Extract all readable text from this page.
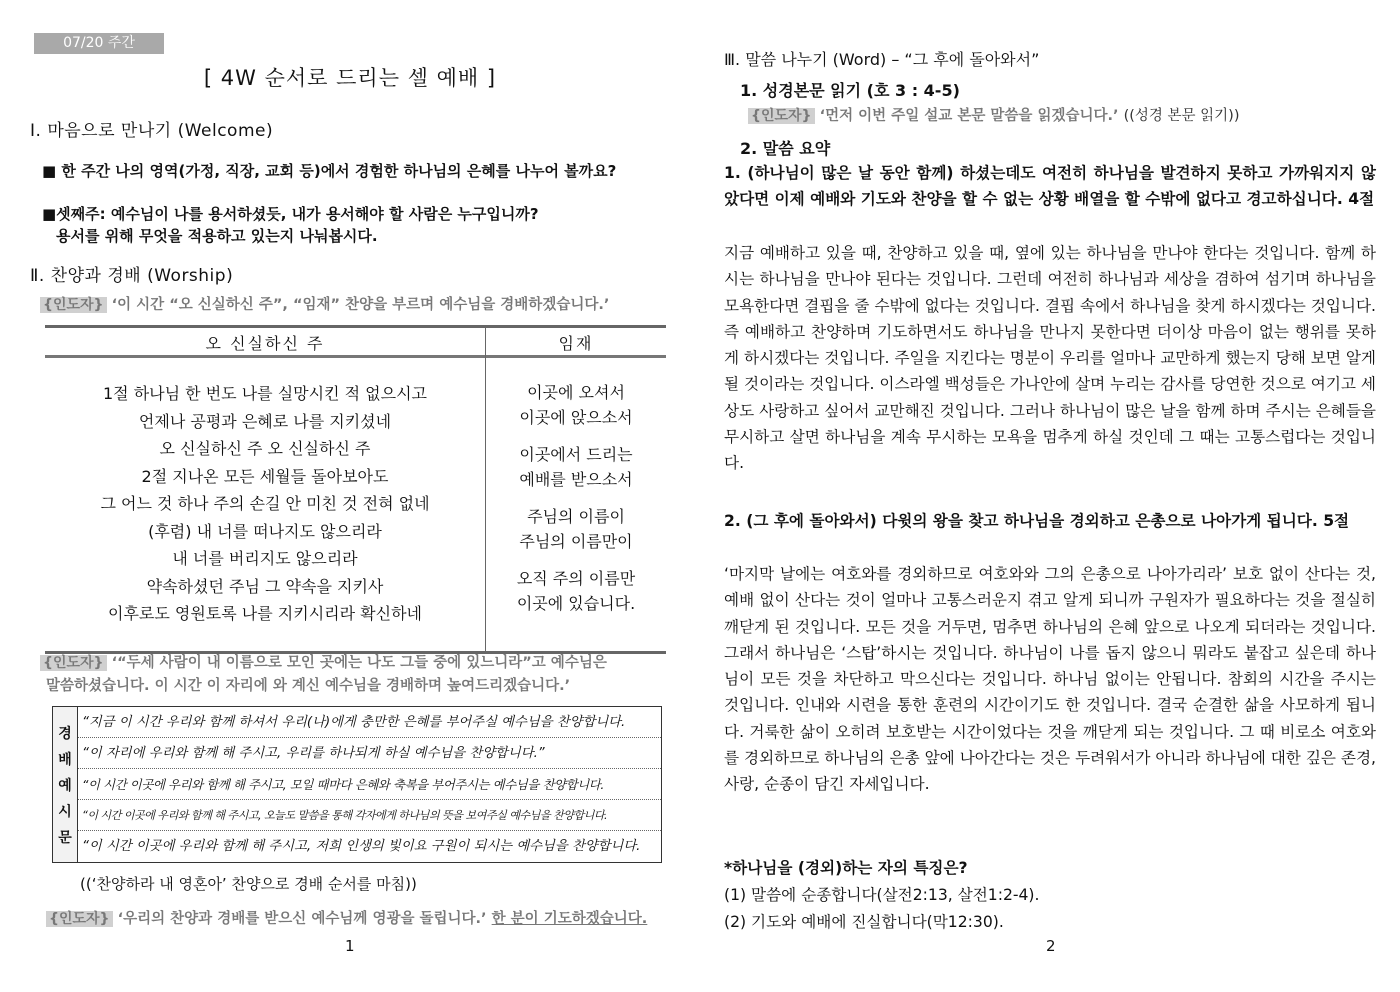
07/20 주간
[ 4W 순서로 드리는 셀 예배 ]
Ⅰ. 마음으로 만나기 (Welcome)
■ 한 주간 나의 영역(가정, 직장, 교회 등)에서 경험한 하나님의 은혜를 나누어 볼까요?
■셋째주: 예수님이 나를 용서하셨듯, 내가 용서해야 할 사람은 누구입니까?
용서를 위해 무엇을 적용하고 있는지 나눠봅시다.
Ⅱ. 찬양과 경배 (Worship)
{인도자} ‘이 시간 “오 신실하신 주”, “임재” 찬양을 부르며 예수님을 경배하겠습니다.’
오 신실하신 주	임재
1절 하나님 한 번도 나를 실망시킨 적 없으시고
언제나 공평과 은혜로 나를 지키셨네
오 신실하신 주 오 신실하신 주
2절 지나온 모든 세월들 돌아보아도
그 어느 것 하나 주의 손길 안 미친 것 전혀 없네
(후렴) 내 너를 떠나지도 않으리라
내 너를 버리지도 않으리라
약속하셨던 주님 그 약속을 지키사
이후로도 영원토록 나를 지키시리라 확신하네
이곳에 오셔서
이곳에 앉으소서
이곳에서 드리는
예배를 받으소서
주님의 이름이
주님의 이름만이
오직 주의 이름만
이곳에 있습니다.
{인도자} ‘“두세 사람이 내 이름으로 모인 곳에는 나도 그들 중에 있느니라”고 예수님은
말씀하셨습니다. 이 시간 이 자리에 와 계신 예수님을 경배하며 높여드리겠습니다.’
경
배
예
시
문
“지금 이 시간 우리와 함께 하셔서 우리(나)에게 충만한 은혜를 부어주실 예수님을 찬양합니다.
“이 자리에 우리와 함께 해 주시고, 우리를 하나되게 하실 예수님을 찬양합니다.”
“이 시간 이곳에 우리와 함께 해 주시고, 모일 때마다 은혜와 축복을 부어주시는 예수님을 찬양합니다.
“이 시간 이곳에 우리와 함께 해 주시고, 오늘도 말씀을 통해 각자에게 하나님의 뜻을 보여주실 예수님을 찬양합니다.
“이 시간 이곳에 우리와 함께 해 주시고, 저희 인생의 빛이요 구원이 되시는 예수님을 찬양합니다.
((‘찬양하라 내 영혼아’ 찬양으로 경배 순서를 마침))
{인도자} ‘우리의 찬양과 경배를 받으신 예수님께 영광을 돌립니다.’ 한 분이 기도하겠습니다.
1
Ⅲ. 말씀 나누기 (Word) – “그 후에 돌아와서”
1. 성경본문 읽기 (호 3 : 4-5)
{인도자} ‘먼저 이번 주일 설교 본문 말씀을 읽겠습니다.’ ((성경 본문 읽기))
2. 말씀 요약
1. (하나님이 많은 날 동안 함께) 하셨는데도 여전히 하나님을 발견하지 못하고 가까워지지 않았다면 이제 예배와 기도와 찬양을 할 수 없는 상황 배열을 할 수밖에 없다고 경고하십니다. 4절
지금 예배하고 있을 때, 찬양하고 있을 때, 옆에 있는 하나님을 만나야 한다는 것입니다. 함께 하시는 하나님을 만나야 된다는 것입니다. 그런데 여전히 하나님과 세상을 겸하여 섬기며 하나님을 모욕한다면 결핍을 줄 수밖에 없다는 것입니다. 결핍 속에서 하나님을 찾게 하시겠다는 것입니다. 즉 예배하고 찬양하며 기도하면서도 하나님을 만나지 못한다면 더이상 마음이 없는 행위를 못하게 하시겠다는 것입니다. 주일을 지킨다는 명분이 우리를 얼마나 교만하게 했는지 당해 보면 알게 될 것이라는 것입니다. 이스라엘 백성들은 가나안에 살며 누리는 감사를 당연한 것으로 여기고 세상도 사랑하고 싶어서 교만해진 것입니다. 그러나 하나님이 많은 날을 함께 하며 주시는 은혜들을 무시하고 살면 하나님을 계속 무시하는 모욕을 멈추게 하실 것인데 그 때는 고통스럽다는 것입니다.
2. (그 후에 돌아와서) 다윗의 왕을 찾고 하나님을 경외하고 은총으로 나아가게 됩니다. 5절
‘마지막 날에는 여호와를 경외하므로 여호와와 그의 은총으로 나아가리라’ 보호 없이 산다는 것, 예배 없이 산다는 것이 얼마나 고통스러운지 겪고 알게 되니까 구원자가 필요하다는 것을 절실히 깨닫게 된 것입니다. 모든 것을 거두면, 멈추면 하나님의 은혜 앞으로 나오게 되더라는 것입니다. 그래서 하나님은 ‘스탑’하시는 것입니다. 하나님이 나를 돕지 않으니 뭐라도 붙잡고 싶은데 하나님이 모든 것을 차단하고 막으신다는 것입니다. 하나님 없이는 안됩니다. 참회의 시간을 주시는 것입니다. 인내와 시련을 통한 훈련의 시간이기도 한 것입니다. 결국 순결한 삶을 사모하게 됩니다. 거룩한 삶이 오히려 보호받는 시간이었다는 것을 깨닫게 되는 것입니다. 그 때 비로소 여호와를 경외하므로 하나님의 은총 앞에 나아간다는 것은 두려워서가 아니라 하나님에 대한 깊은 존경, 사랑, 순종이 담긴 자세입니다.
*하나님을 (경외)하는 자의 특징은?
(1) 말씀에 순종합니다(살전2:13, 살전1:2-4).
(2) 기도와 예배에 진실합니다(막12:30).
2
